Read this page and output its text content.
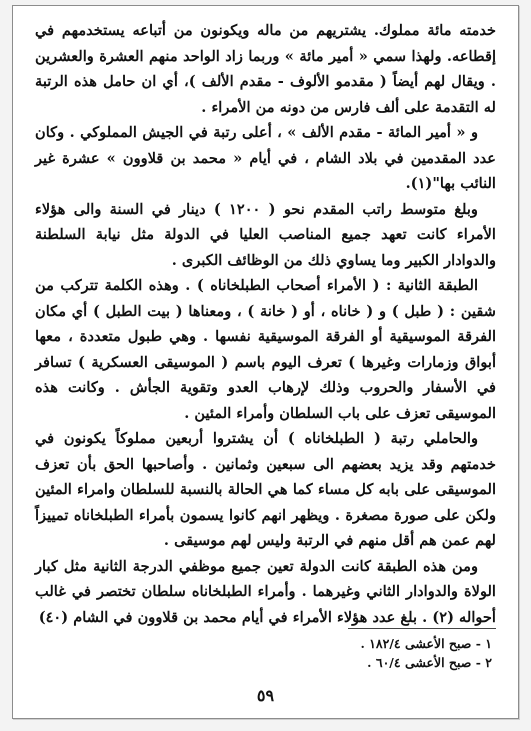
خدمته مائة مملوك. يشتريهم من ماله ويكونون من أتباعه يستخدمهم في إقطاعه. ولهذا سمي « أمير مائة » وربما زاد الواحد منهم العشرة والعشرين . ويقال لهم أيضاً ( مقدمو الألوف - مقدم الألف )، أي ان حامل هذه الرتبة له التقدمة على ألف فارس من دونه من الأمراء .

و « أمير المائة - مقدم الألف » ، أعلى رتبة في الجيش المملوكي . وكان عدد المقدمين في بلاد الشام ، في أيام « محمد بن قلاوون » عشرة غير النائب بها"(١).

وبلغ متوسط راتب المقدم نحو ( ١٢٠٠ ) دينار في السنة والى هؤلاء الأمراء كانت تعهد جميع المناصب العليا في الدولة مثل نيابة السلطنة والدوادار الكبير وما يساوي ذلك من الوظائف الكبرى .

الطبقة الثانية : ( الأمراء أصحاب الطبلخاناه ) . وهذه الكلمة تتركب من شقين : ( طبل ) و ( خاناه ، أو ( خانة ) ، ومعناها ( بيت الطبل ) أي مكان الفرقة الموسيقية أو الفرقة الموسيقية نفسها . وهي طبول متعددة ، معها أبواق وزمارات وغيرها ) تعرف اليوم باسم ( الموسيقى العسكرية ) تسافر في الأسفار والحروب وذلك لإرهاب العدو وتقوية الجأش . وكانت هذه الموسيقى تعزف على باب السلطان وأمراء المئين .

والحاملي رتبة ( الطبلخاناه ) أن يشتروا أربعين مملوكاً يكونون في خدمتهم وقد يزيد بعضهم الى سبعين وثمانين . وأصاحبها الحق بأن تعزف الموسيقى على بابه كل مساء كما هي الحالة بالنسبة للسلطان وامراء المئين ولكن على صورة مصغرة . ويظهر انهم كانوا يسمون بأمراء الطبلخاناه تمييزاً لهم عمن هم أقل منهم في الرتبة وليس لهم موسيقى .

ومن هذه الطبقة كانت الدولة تعين جميع موظفي الدرجة الثانية مثل كبار الولاة والدوادار الثاني وغيرهما . وأمراء الطبلخاناه سلطان تختصر في غالب أحواله (٢) . بلغ عدد هؤلاء الأمراء في أيام محمد بن قلاوون في الشام (٤٠)

١ - صبح الأعشى ١٨٢/٤ .

٢ - صبح الأعشى ٦٠/٤ .

٥٩
